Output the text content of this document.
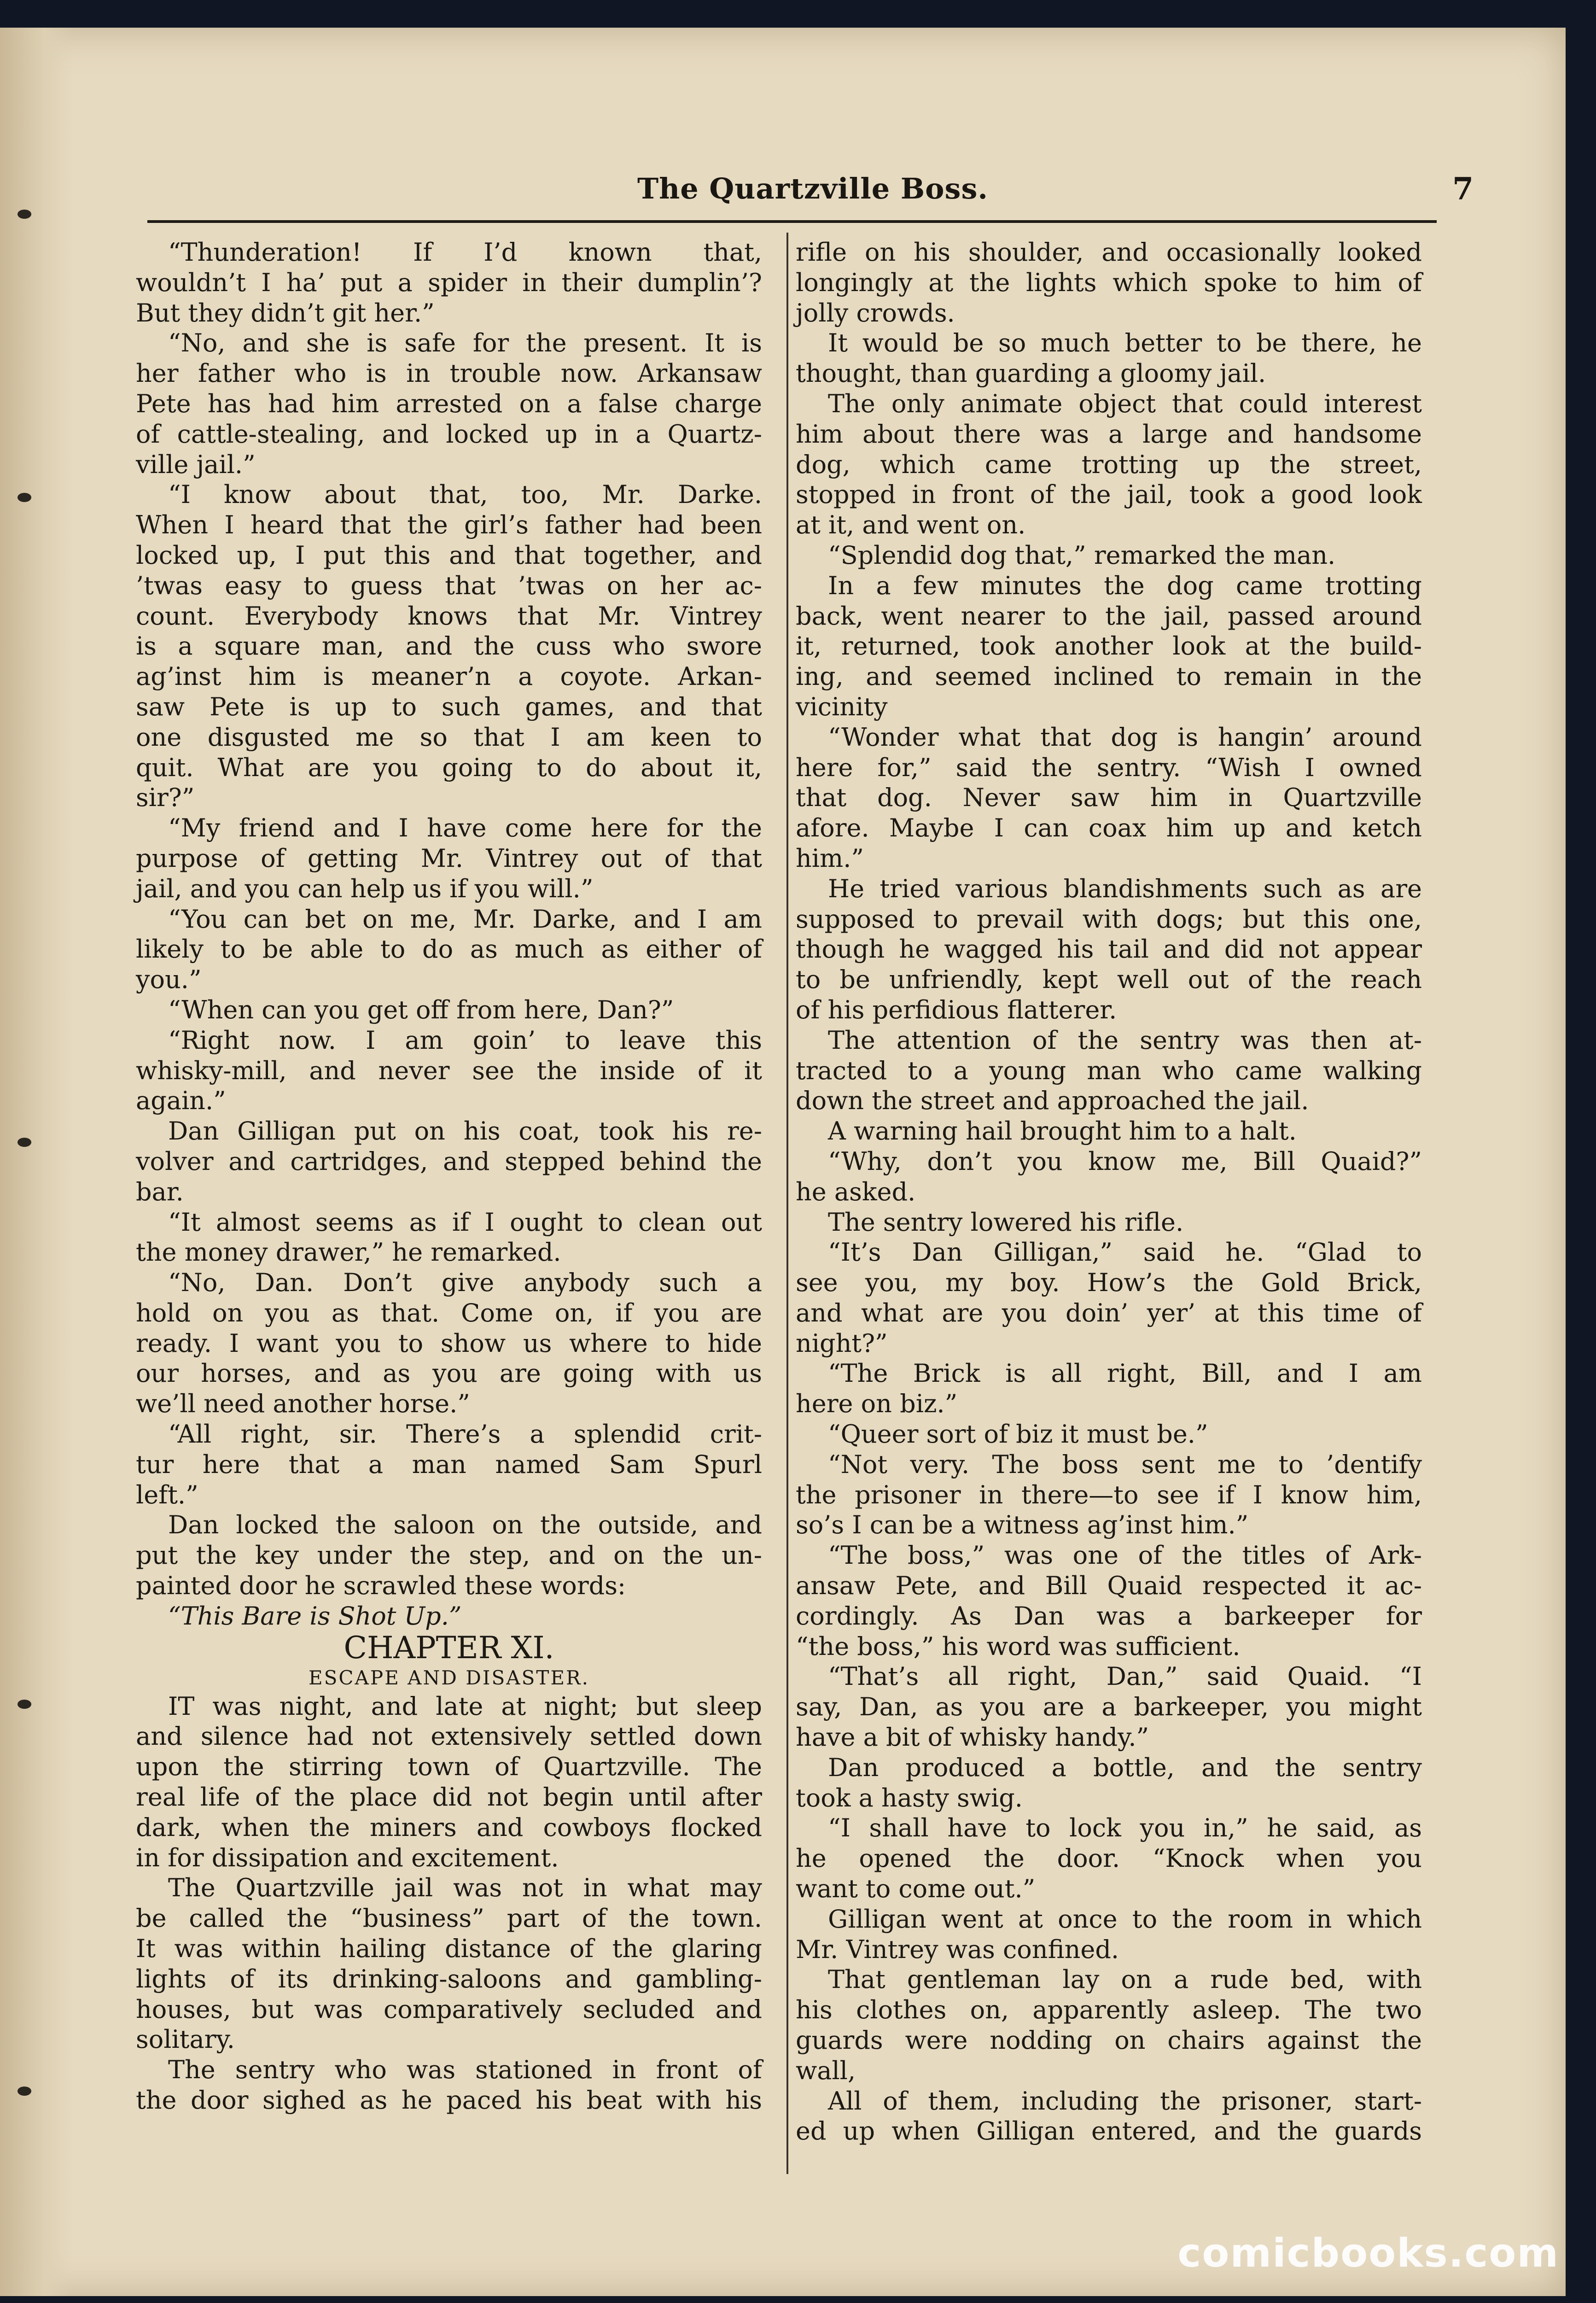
The Quartzville Boss.	7
“Thunderation! If I’d known that,
wouldn’t I ha’ put a spider in their dumplin’?
But they didn’t git her.”
“No, and she is safe for the present. It is
her father who is in trouble now. Arkansaw
Pete has had him arrested on a false charge
of cattle-stealing, and locked up in a Quartz-
ville jail.”
“I know about that, too, Mr. Darke.
When I heard that the girl’s father had been
locked up, I put this and that together, and
’twas easy to guess that ’twas on her ac-
count. Everybody knows that Mr. Vintrey
is a square man, and the cuss who swore
ag’inst him is meaner’n a coyote. Arkan-
saw Pete is up to such games, and that
one disgusted me so that I am keen to
quit. What are you going to do about it,
sir?”
“My friend and I have come here for the
purpose of getting Mr. Vintrey out of that
jail, and you can help us if you will.”
“You can bet on me, Mr. Darke, and I am
likely to be able to do as much as either of
you.”
“When can you get off from here, Dan?”
“Right now. I am goin’ to leave this
whisky-mill, and never see the inside of it
again.”
Dan Gilligan put on his coat, took his re-
volver and cartridges, and stepped behind the
bar.
“It almost seems as if I ought to clean out
the money drawer,” he remarked.
“No, Dan. Don’t give anybody such a
hold on you as that. Come on, if you are
ready. I want you to show us where to hide
our horses, and as you are going with us
we’ll need another horse.”
“All right, sir. There’s a splendid crit-
tur here that a man named Sam Spurl
left.”
Dan locked the saloon on the outside, and
put the key under the step, and on the un-
painted door he scrawled these words:
“This Bare is Shot Up.”
CHAPTER XI.
ESCAPE AND DISASTER.
IT was night, and late at night; but sleep
and silence had not extensively settled down
upon the stirring town of Quartzville. The
real life of the place did not begin until after
dark, when the miners and cowboys flocked
in for dissipation and excitement.
The Quartzville jail was not in what may
be called the “business” part of the town.
It was within hailing distance of the glaring
lights of its drinking-saloons and gambling-
houses, but was comparatively secluded and
solitary.
The sentry who was stationed in front of
the door sighed as he paced his beat with his
rifle on his shoulder, and occasionally looked
longingly at the lights which spoke to him of
jolly crowds.
It would be so much better to be there, he
thought, than guarding a gloomy jail.
The only animate object that could interest
him about there was a large and handsome
dog, which came trotting up the street,
stopped in front of the jail, took a good look
at it, and went on.
“Splendid dog that,” remarked the man.
In a few minutes the dog came trotting
back, went nearer to the jail, passed around
it, returned, took another look at the build-
ing, and seemed inclined to remain in the
vicinity
“Wonder what that dog is hangin’ around
here for,” said the sentry. “Wish I owned
that dog. Never saw him in Quartzville
afore. Maybe I can coax him up and ketch
him.”
He tried various blandishments such as are
supposed to prevail with dogs; but this one,
though he wagged his tail and did not appear
to be unfriendly, kept well out of the reach
of his perfidious flatterer.
The attention of the sentry was then at-
tracted to a young man who came walking
down the street and approached the jail.
A warning hail brought him to a halt.
“Why, don’t you know me, Bill Quaid?”
he asked.
The sentry lowered his rifle.
“It’s Dan Gilligan,” said he. “Glad to
see you, my boy. How’s the Gold Brick,
and what are you doin’ yer’ at this time of
night?”
“The Brick is all right, Bill, and I am
here on biz.”
“Queer sort of biz it must be.”
“Not very. The boss sent me to ’dentify
the prisoner in there—to see if I know him,
so’s I can be a witness ag’inst him.”
“The boss,” was one of the titles of Ark-
ansaw Pete, and Bill Quaid respected it ac-
cordingly. As Dan was a barkeeper for
“the boss,” his word was sufficient.
“That’s all right, Dan,” said Quaid. “I
say, Dan, as you are a barkeeper, you might
have a bit of whisky handy.”
Dan produced a bottle, and the sentry
took a hasty swig.
“I shall have to lock you in,” he said, as
he opened the door. “Knock when you
want to come out.”
Gilligan went at once to the room in which
Mr. Vintrey was confined.
That gentleman lay on a rude bed, with
his clothes on, apparently asleep. The two
guards were nodding on chairs against the
wall,
All of them, including the prisoner, start-
ed up when Gilligan entered, and the guards
comicbooks.com
